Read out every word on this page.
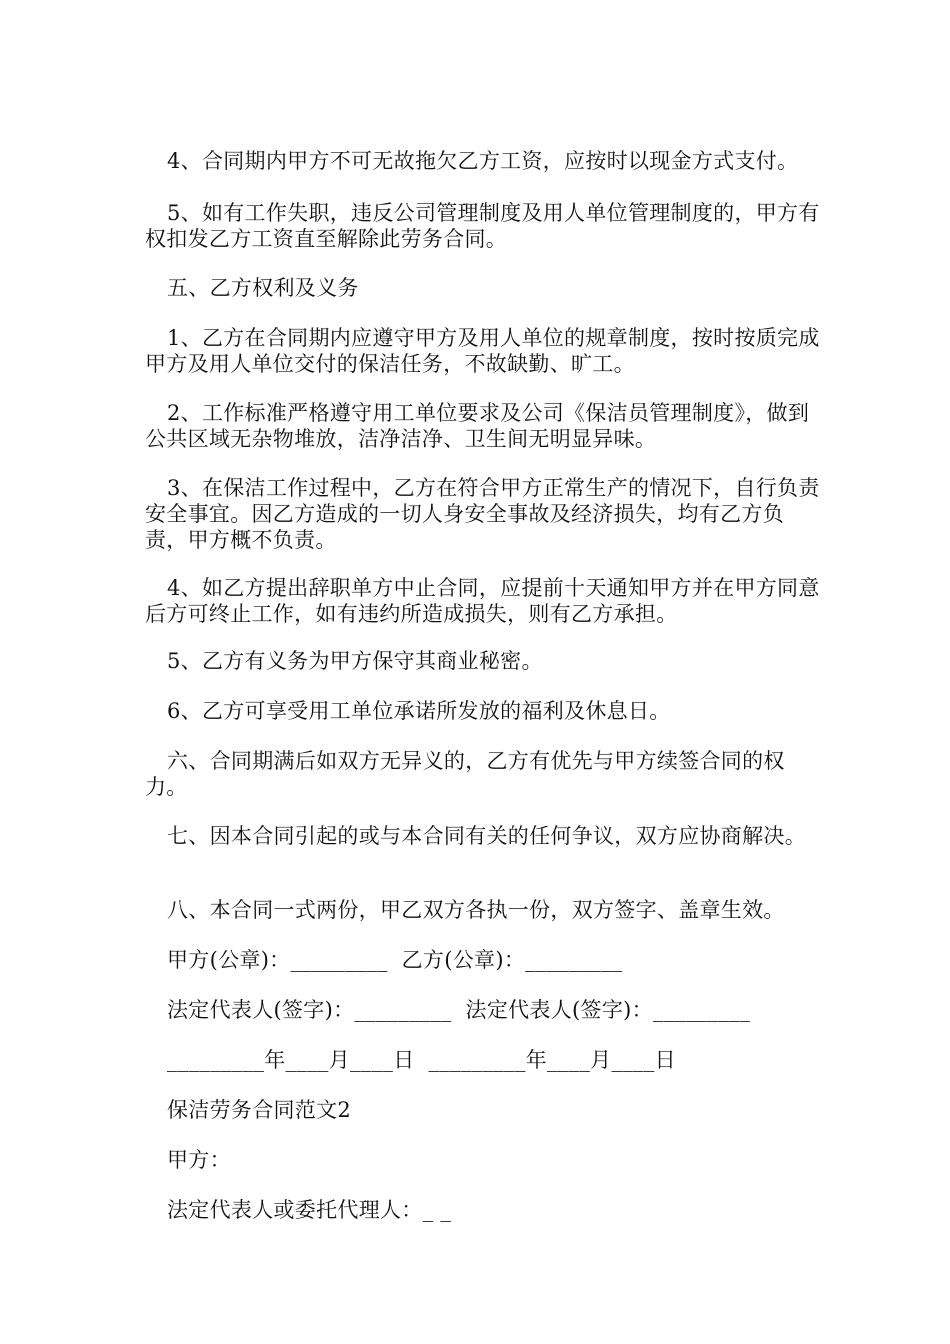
4、合同期内甲方不可无故拖欠乙方工资，应按时以现金方式支付。

5、如有工作失职，违反公司管理制度及用人单位管理制度的，甲方有权扣发乙方工资直至解除此劳务合同。

五、乙方权利及义务

1、乙方在合同期内应遵守甲方及用人单位的规章制度，按时按质完成甲方及用人单位交付的保洁任务，不故缺勤、旷工。

2、工作标准严格遵守用工单位要求及公司《保洁员管理制度》，做到公共区域无杂物堆放，洁净洁净、卫生间无明显异味。

3、在保洁工作过程中，乙方在符合甲方正常生产的情况下，自行负责安全事宜。因乙方造成的一切人身安全事故及经济损失，均有乙方负责，甲方概不负责。

4、如乙方提出辞职单方中止合同，应提前十天通知甲方并在甲方同意后方可终止工作，如有违约所造成损失，则有乙方承担。

5、乙方有义务为甲方保守其商业秘密。

6、乙方可享受用工单位承诺所发放的福利及休息日。

六、合同期满后如双方无异义的，乙方有优先与甲方续签合同的权力。

七、因本合同引起的或与本合同有关的任何争议，双方应协商解决。

八、本合同一式两份，甲乙双方各执一份，双方签字、盖章生效。

甲方(公章)：_________  乙方(公章)：_________

法定代表人(签字)：_________  法定代表人(签字)：_________

_________年____月____日  _________年____月____日

保洁劳务合同范文2

甲方：

法定代表人或委托代理人：_ _
